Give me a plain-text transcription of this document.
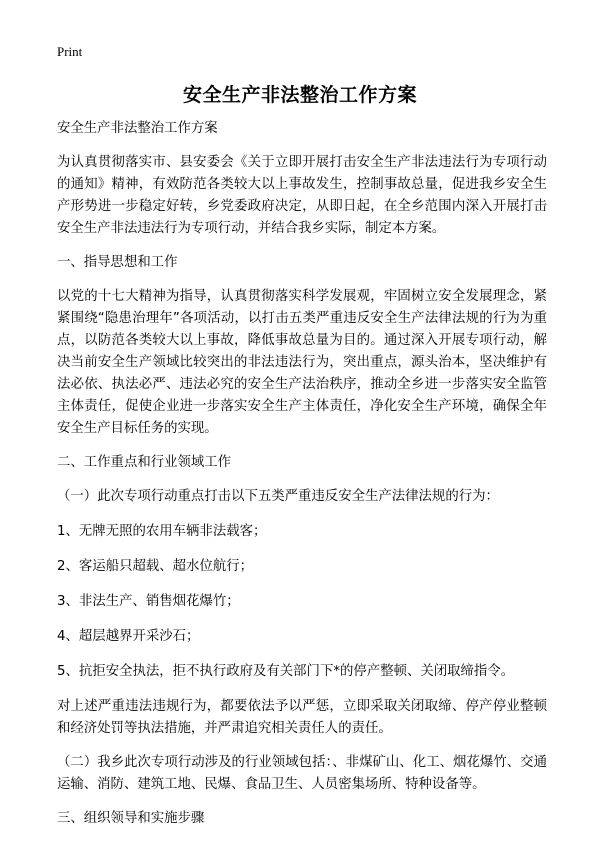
Print
安全生产非法整治工作方案

安全生产非法整治工作方案

为认真贯彻落实市、县安委会《关于立即开展打击安全生产非法违法行为专项行动的通知》精神，有效防范各类较大以上事故发生，控制事故总量，促进我乡安全生产形势进一步稳定好转，乡党委政府决定，从即日起，在全乡范围内深入开展打击安全生产非法违法行为专项行动，并结合我乡实际，制定本方案。

一、指导思想和工作

以党的十七大精神为指导，认真贯彻落实科学发展观，牢固树立安全发展理念，紧紧围绕“隐患治理年”各项活动，以打击五类严重违反安全生产法律法规的行为为重点，以防范各类较大以上事故，降低事故总量为目的。通过深入开展专项行动，解决当前安全生产领域比较突出的非法违法行为，突出重点，源头治本，坚决维护有法必依、执法必严、违法必究的安全生产法治秩序，推动全乡进一步落实安全监管主体责任，促使企业进一步落实安全生产主体责任，净化安全生产环境，确保全年安全生产目标任务的实现。

二、工作重点和行业领域工作

（一）此次专项行动重点打击以下五类严重违反安全生产法律法规的行为：

1、无牌无照的农用车辆非法载客；

2、客运船只超载、超水位航行；

3、非法生产、销售烟花爆竹；

4、超层越界开采沙石；

5、抗拒安全执法，拒不执行政府及有关部门下*的停产整顿、关闭取缔指令。

对上述严重违法违规行为，都要依法予以严惩，立即采取关闭取缔、停产停业整顿和经济处罚等执法措施，并严肃追究相关责任人的责任。

（二）我乡此次专项行动涉及的行业领域包括：、非煤矿山、化工、烟花爆竹、交通运输、消防、建筑工地、民爆、食品卫生、人员密集场所、特种设备等。

三、组织领导和实施步骤
